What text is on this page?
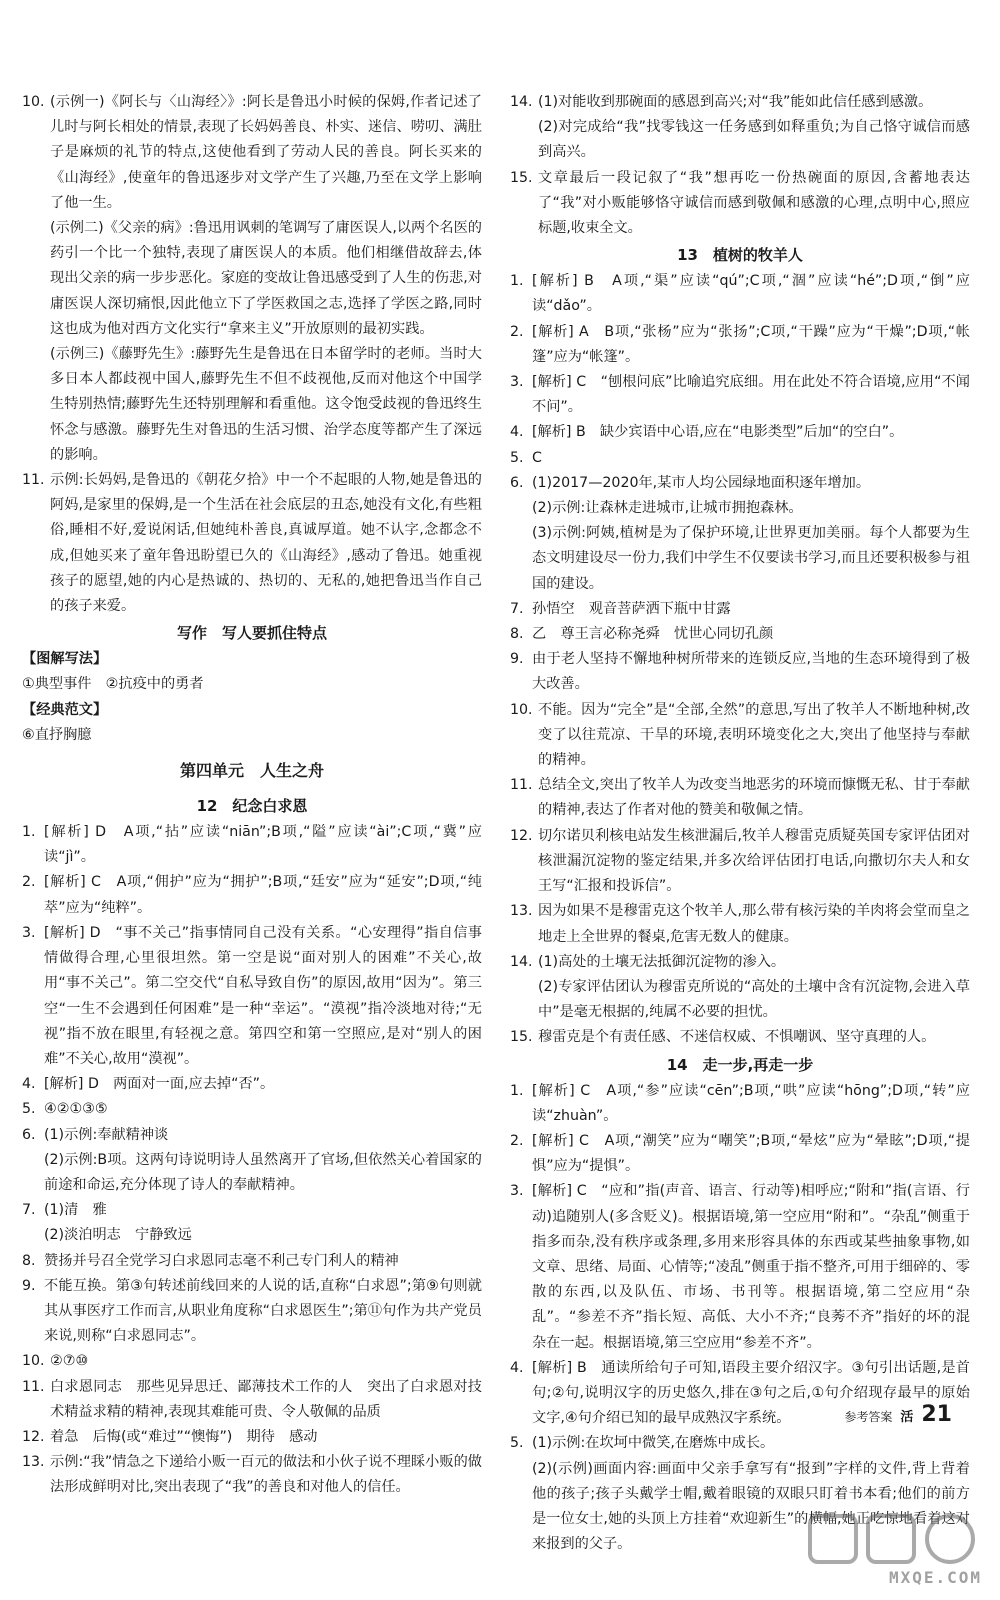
10. (示例一)《阿长与〈山海经〉》:阿长是鲁迅小时候的保姆,作者记述了儿时与阿长相处的情景,表现了长妈妈善良、朴实、迷信、唠叨、满肚子是麻烦的礼节的特点,这使他看到了劳动人民的善良。阿长买来的《山海经》,使童年的鲁迅逐步对文学产生了兴趣,乃至在文学上影响了他一生。
(示例二)《父亲的病》:鲁迅用讽刺的笔调写了庸医误人,以两个名医的药引一个比一个独特,表现了庸医误人的本质。他们相继借故辞去,体现出父亲的病一步步恶化。家庭的变故让鲁迅感受到了人生的伤悲,对庸医误人深切痛恨,因此他立下了学医救国之志,选择了学医之路,同时这也成为他对西方文化实行“拿来主义”开放原则的最初实践。
(示例三)《藤野先生》:藤野先生是鲁迅在日本留学时的老师。当时大多日本人都歧视中国人,藤野先生不但不歧视他,反而对他这个中国学生特别热情;藤野先生还特别理解和看重他。这令饱受歧视的鲁迅终生怀念与感激。藤野先生对鲁迅的生活习惯、治学态度等都产生了深远的影响。
11. 示例:长妈妈,是鲁迅的《朝花夕拾》中一个不起眼的人物,她是鲁迅的阿妈,是家里的保姆,是一个生活在社会底层的丑态,她没有文化,有些粗俗,睡相不好,爱说闲话,但她纯朴善良,真诚厚道。她不认字,念都念不成,但她买来了童年鲁迅盼望已久的《山海经》,感动了鲁迅。她重视孩子的愿望,她的内心是热诚的、热切的、无私的,她把鲁迅当作自己的孩子来爱。
写作　写人要抓住特点
【图解写法】
①典型事件　②抗疫中的勇者
【经典范文】
⑥直抒胸臆
第四单元　人生之舟
12　纪念白求恩
1. [解析] D　A项,“拈”应读“niān”;B项,“隘”应读“ài”;C项,“冀”应读“jì”。
2. [解析] C　A项,“佣护”应为“拥护”;B项,“廷安”应为“延安”;D项,“纯萃”应为“纯粹”。
3. [解析] D　“事不关己”指事情同自己没有关系。“心安理得”指自信事情做得合理,心里很坦然。第一空是说“面对别人的困难”不关心,故用“事不关己”。第二空交代“自私导致自伤”的原因,故用“因为”。第三空“一生不会遇到任何困难”是一种“幸运”。“漠视”指冷淡地对待;“无视”指不放在眼里,有轻视之意。第四空和第一空照应,是对“别人的困难”不关心,故用“漠视”。
4. [解析] D　两面对一面,应去掉“否”。
5. ④②①③⑤
6. (1)示例:奉献精神谈
(2)示例:B项。这两句诗说明诗人虽然离开了官场,但依然关心着国家的前途和命运,充分体现了诗人的奉献精神。
7. (1)清　雅
(2)淡泊明志　宁静致远
8. 赞扬并号召全党学习白求恩同志毫不利己专门利人的精神
9. 不能互换。第③句转述前线回来的人说的话,直称“白求恩”;第⑨句则就其从事医疗工作而言,从职业角度称“白求恩医生”;第⑪句作为共产党员来说,则称“白求恩同志”。
10. ②⑦⑩
11. 白求恩同志　那些见异思迁、鄙薄技术工作的人　突出了白求恩对技术精益求精的精神,表现其难能可贵、令人敬佩的品质
12. 着急　后悔(或“难过”“懊悔”)　期待　感动
13. 示例:“我”情急之下递给小贩一百元的做法和小伙子说不理睬小贩的做法形成鲜明对比,突出表现了“我”的善良和对他人的信任。
14. (1)对能收到那碗面的感恩到高兴;对“我”能如此信任感到感激。
(2)对完成给“我”找零钱这一任务感到如释重负;为自己恪守诚信而感到高兴。
15. 文章最后一段记叙了“我”想再吃一份热碗面的原因,含蓄地表达了“我”对小贩能够恪守诚信而感到敬佩和感激的心理,点明中心,照应标题,收束全文。
13　植树的牧羊人
1. [解析] B　A项,“渠”应读“qú”;C项,“涸”应读“hé”;D项,“倒”应读“dǎo”。
2. [解析] A　B项,“张杨”应为“张扬”;C项,“干躁”应为“干燥”;D项,“帐篷”应为“帐篷”。
3. [解析] C　“刨根问底”比喻追究底细。用在此处不符合语境,应用“不闻不问”。
4. [解析] B　缺少宾语中心语,应在“电影类型”后加“的空白”。
5. C
6. (1)2017—2020年,某市人均公园绿地面积逐年增加。
(2)示例:让森林走进城市,让城市拥抱森林。
(3)示例:阿姨,植树是为了保护环境,让世界更加美丽。每个人都要为生态文明建设尽一份力,我们中学生不仅要读书学习,而且还要积极参与祖国的建设。
7. 孙悟空　观音菩萨洒下瓶中甘露
8. 乙　尊王言必称尧舜　忧世心同切孔颜
9. 由于老人坚持不懈地种树所带来的连锁反应,当地的生态环境得到了极大改善。
10. 不能。因为“完全”是“全部,全然”的意思,写出了牧羊人不断地种树,改变了以往荒凉、干旱的环境,表明环境变化之大,突出了他坚持与奉献的精神。
11. 总结全文,突出了牧羊人为改变当地恶劣的环境而慷慨无私、甘于奉献的精神,表达了作者对他的赞美和敬佩之情。
12. 切尔诺贝利核电站发生核泄漏后,牧羊人穆雷克质疑英国专家评估团对核泄漏沉淀物的鉴定结果,并多次给评估团打电话,向撒切尔夫人和女王写“汇报和投诉信”。
13. 因为如果不是穆雷克这个牧羊人,那么带有核污染的羊肉将会堂而皇之地走上全世界的餐桌,危害无数人的健康。
14. (1)高处的土壤无法抵御沉淀物的渗入。
(2)专家评估团认为穆雷克所说的“高处的土壤中含有沉淀物,会进入草中”是毫无根据的,纯属不必要的担忧。
15. 穆雷克是个有责任感、不迷信权威、不惧嘲讽、坚守真理的人。
14　走一步,再走一步
1. [解析] C　A项,“参”应读“cēn”;B项,“哄”应读“hōng”;D项,“转”应读“zhuàn”。
2. [解析] C　A项,“潮笑”应为“嘲笑”;B项,“晕炫”应为“晕眩”;D项,“提惧”应为“提惧”。
3. [解析] C　“应和”指(声音、语言、行动等)相呼应;“附和”指(言语、行动)追随别人(多含贬义)。根据语境,第一空应用“附和”。“杂乱”侧重于指多而杂,没有秩序或条理,多用来形容具体的东西或某些抽象事物,如文章、思绪、局面、心情等;“凌乱”侧重于指不整齐,可用于细碎的、零散的东西,以及队伍、市场、书刊等。根据语境,第二空应用“杂乱”。“参差不齐”指长短、高低、大小不齐;“良莠不齐”指好的坏的混杂在一起。根据语境,第三空应用“参差不齐”。
4. [解析] B　通读所给句子可知,语段主要介绍汉字。③句引出话题,是首句;②句,说明汉字的历史悠久,排在③句之后,①句介绍现存最早的原始文字,④句介绍已知的最早成熟汉字系统。
5. (1)示例:在坎坷中微笑,在磨炼中成长。
(2)(示例)画面内容:画面中父亲手拿写有“报到”字样的文件,背上背着他的孩子;孩子头戴学士帽,戴着眼镜的双眼只盯着书本看;他们的前方是一位女士,她的头顶上方挂着“欢迎新生”的横幅,她正吃惊地看着这对来报到的父子。
参考答案 活 21
MXQE.COM
